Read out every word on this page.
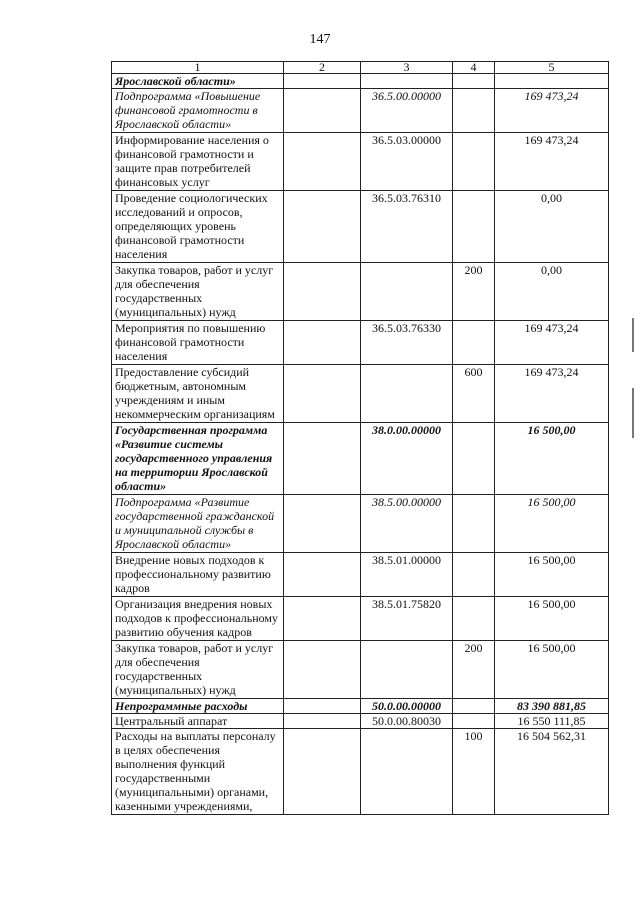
147
1	2	3	4	5
Ярославской области»				
Подпрограмма «Повышение финансовой грамотности в Ярославской области»		36.5.00.00000		169 473,24
Информирование населения о финансовой грамотности и защите прав потребителей финансовых услуг		36.5.03.00000		169 473,24
Проведение социологических исследований и опросов, определяющих уровень финансовой грамотности населения		36.5.03.76310		0,00
Закупка товаров, работ и услуг для обеспечения государственных (муниципальных) нужд			200	0,00
Мероприятия по повышению финансовой грамотности населения		36.5.03.76330		169 473,24
Предоставление субсидий бюджетным, автономным учреждениям и иным некоммерческим организациям			600	169 473,24
Государственная программа «Развитие системы государственного управления на территории Ярославской области»		38.0.00.00000		16 500,00
Подпрограмма «Развитие государственной гражданской и муниципальной службы в Ярославской области»		38.5.00.00000		16 500,00
Внедрение новых подходов к профессиональному развитию кадров		38.5.01.00000		16 500,00
Организация внедрения новых подходов к профессиональному развитию обучения кадров		38.5.01.75820		16 500,00
Закупка товаров, работ и услуг для обеспечения государственных (муниципальных) нужд			200	16 500,00
Непрограммные расходы		50.0.00.00000		83 390 881,85
Центральный аппарат		50.0.00.80030		16 550 111,85
Расходы на выплаты персоналу в целях обеспечения выполнения функций государственными (муниципальными) органами, казенными учреждениями,			100	16 504 562,31
